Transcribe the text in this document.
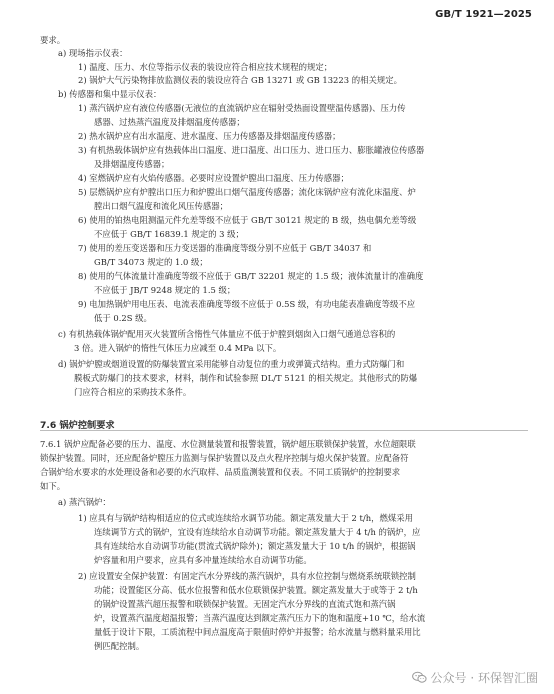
GB/T 1921—2025
要求。
a) 现场指示仪表：
1) 温度、压力、水位等指示仪表的装设应符合相应技术规程的规定；
2) 锅炉大气污染物排放监测仪表的装设应符合 GB 13271 或 GB 13223 的相关规定。
b) 传感器和集中显示仪表：
1) 蒸汽锅炉应有液位传感器(无液位的直流锅炉应在辐射受热面设置壁温传感器)、压力传
感器、过热蒸汽温度及排烟温度传感器；
2) 热水锅炉应有出水温度、进水温度、压力传感器及排烟温度传感器；
3) 有机热载体锅炉应有热载体出口温度、进口温度、出口压力、进口压力、膨胀罐液位传感器
及排烟温度传感器；
4) 室燃锅炉应有火焰传感器。必要时应设置炉膛出口温度、压力传感器；
5) 层燃锅炉应有炉膛出口压力和炉膛出口烟气温度传感器；流化床锅炉应有流化床温度、炉
膛出口烟气温度和流化风压传感器；
6) 使用的铂热电阻测温元件允差等级不应低于 GB/T 30121 规定的 B 级，热电偶允差等级
不应低于 GB/T 16839.1 规定的 3 级；
7) 使用的差压变送器和压力变送器的准确度等级分别不应低于 GB/T 34037 和
GB/T 34073 规定的 1.0 级；
8) 使用的气体流量计准确度等级不应低于 GB/T 32201 规定的 1.5 级；液体流量计的准确度
不应低于 JB/T 9248 规定的 1.5 级；
9) 电加热锅炉用电压表、电流表准确度等级不应低于 0.5S 级，有功电能表准确度等级不应
低于 0.2S 级。
c) 有机热载体锅炉配用灭火装置所含惰性气体量应不低于炉膛到烟囱入口烟气通道总容积的
3 倍。进入锅炉的惰性气体压力应减至 0.4 MPa 以下。
d) 锅炉炉膛或烟道设置的防爆装置宜采用能够自动复位的重力或弹簧式结构。重力式防爆门和
膜板式防爆门的技术要求，材料，制作和试验参照 DL/T 5121 的相关规定。其他形式的防爆
门应符合相应的采购技术条件。
7.6 锅炉控制要求
7.6.1 锅炉应配备必要的压力、温度、水位测量装置和报警装置，锅炉超压联锁保护装置，水位超限联
锁保护装置。同时，还应配备炉膛压力监测与保护装置以及点火程序控制与熄火保护装置。应配备符
合锅炉给水要求的水处理设备和必要的水汽取样、品质监测装置和仪表。不同工质锅炉的控制要求
如下。
a) 蒸汽锅炉：
1) 应具有与锅炉结构相适应的位式或连续给水调节功能。额定蒸发量大于 2 t/h，燃煤采用
连续调节方式的锅炉，宜设有连续给水自动调节功能。额定蒸发量大于 4 t/h 的锅炉，应
具有连续给水自动调节功能(贯流式锅炉除外)；额定蒸发量大于 10 t/h 的锅炉，根据锅
炉容量和用户要求，应具有多冲量连续给水自动调节功能。
2) 应设置安全保护装置：有固定汽水分界线的蒸汽锅炉，具有水位控制与燃烧系统联锁控制
功能；设置能区分高、低水位报警和低水位联锁保护装置。额定蒸发量大于或等于 2 t/h
的锅炉设置蒸汽超压报警和联锁保护装置。无固定汽水分界线的直流式饱和蒸汽锅
炉，设置蒸汽温度超温报警；当蒸汽温度达到额定蒸汽压力下的饱和温度+10 ℃，给水流
量低于设计下限，工质流程中间点温度高于限值时停炉并报警；给水流量与燃料量采用比
例匹配控制。
公众号 · 环保智汇圈
